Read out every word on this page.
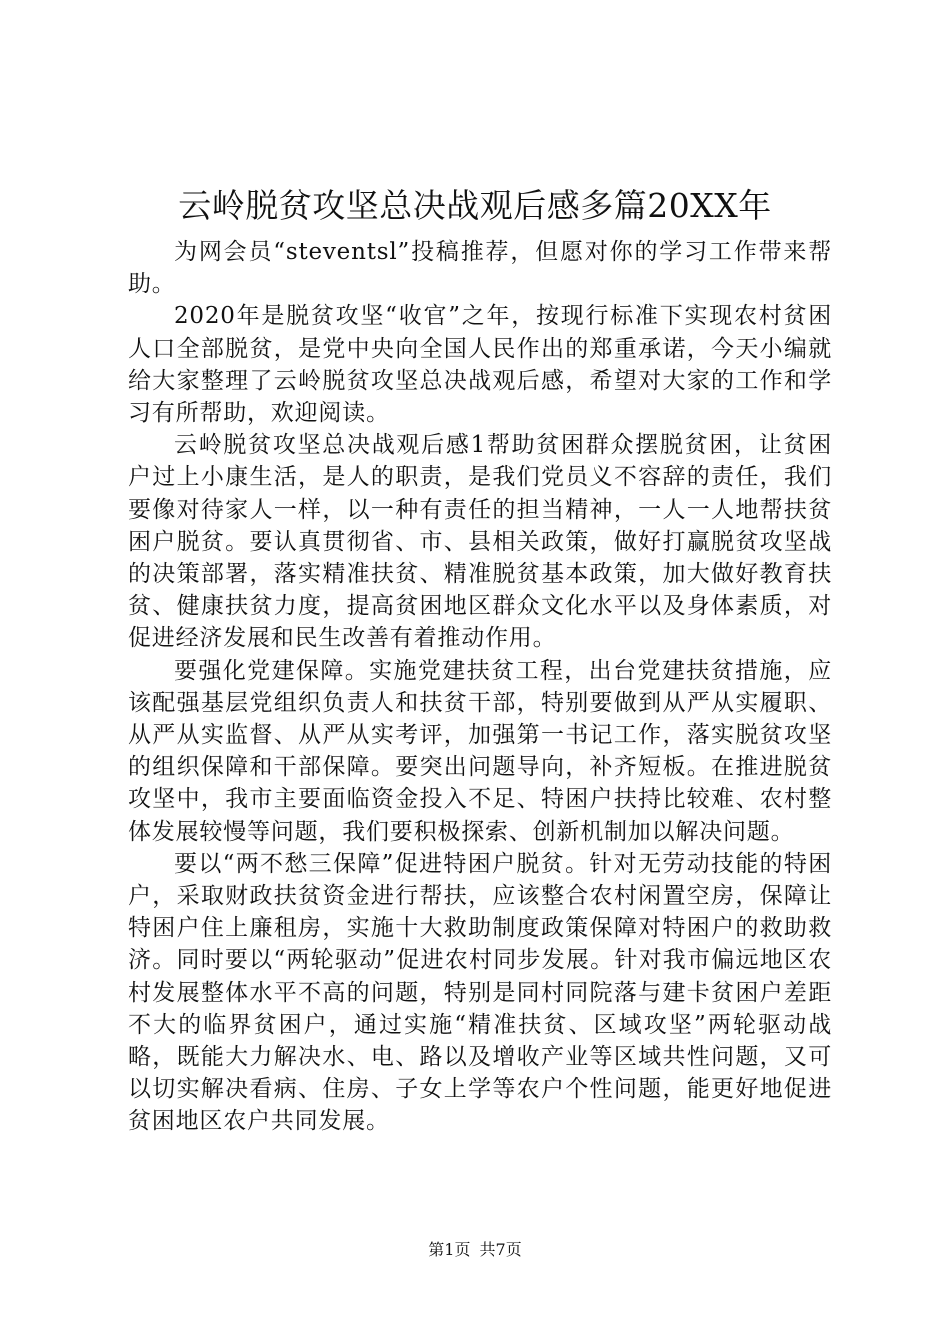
云岭脱贫攻坚总决战观后感多篇20XX年

为网会员“steventsl”投稿推荐，但愿对你的学习工作带来帮助。

2020年是脱贫攻坚“收官”之年，按现行标准下实现农村贫困人口全部脱贫，是党中央向全国人民作出的郑重承诺，今天小编就给大家整理了云岭脱贫攻坚总决战观后感，希望对大家的工作和学习有所帮助，欢迎阅读。

云岭脱贫攻坚总决战观后感1帮助贫困群众摆脱贫困，让贫困户过上小康生活，是人的职责，是我们党员义不容辞的责任，我们要像对待家人一样，以一种有责任的担当精神，一人一人地帮扶贫困户脱贫。要认真贯彻省、市、县相关政策，做好打赢脱贫攻坚战的决策部署，落实精准扶贫、精准脱贫基本政策，加大做好教育扶贫、健康扶贫力度，提高贫困地区群众文化水平以及身体素质，对促进经济发展和民生改善有着推动作用。

要强化党建保障。实施党建扶贫工程，出台党建扶贫措施，应该配强基层党组织负责人和扶贫干部，特别要做到从严从实履职、从严从实监督、从严从实考评，加强第一书记工作，落实脱贫攻坚的组织保障和干部保障。要突出问题导向，补齐短板。在推进脱贫攻坚中，我市主要面临资金投入不足、特困户扶持比较难、农村整体发展较慢等问题，我们要积极探索、创新机制加以解决问题。

要以“两不愁三保障”促进特困户脱贫。针对无劳动技能的特困户，采取财政扶贫资金进行帮扶，应该整合农村闲置空房，保障让特困户住上廉租房，实施十大救助制度政策保障对特困户的救助救济。同时要以“两轮驱动”促进农村同步发展。针对我市偏远地区农村发展整体水平不高的问题，特别是同村同院落与建卡贫困户差距不大的临界贫困户，通过实施“精准扶贫、区域攻坚”两轮驱动战略，既能大力解决水、电、路以及增收产业等区域共性问题，又可以切实解决看病、住房、子女上学等农户个性问题，能更好地促进贫困地区农户共同发展。

第1页 共7页
